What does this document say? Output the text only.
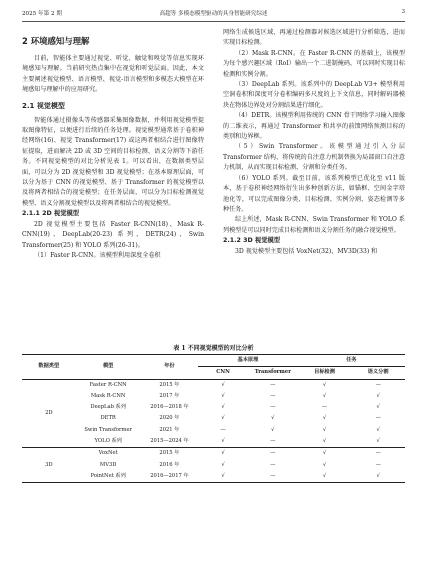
2025 年第 2 期	高超等 多模态模型驱动的具身智能研究综述	3
2 环境感知与理解

目前，智能体主要通过视觉、听觉、触觉和嗅觉等信息实现环境感知与理解。当前研究热点集中在视觉和听觉层面。因此，本文主要阐述视觉模型、语言模型、视觉-语言模型和多模态大模型在环境感知与理解中的应用研究。

2.1 视觉模型

智能体通过摄像头等传感器采集图像数据，并利用视觉模型提取图像特征，以便进行后续的任务处理。视觉模型通常基于卷积神经网络(16)、视觉 Transformer(17) 或这两者相结合进行图像特征提取，进而解决 2D 或 3D 空间的目标检测、语义分割等下游任务。不同视觉模型的对比分析见表 1。可以看出，在数据类型层面，可以分为 2D 视觉模型和 3D 视觉模型；在基本原理层面，可以分为基于 CNN 的视觉模型、基于 Transformer 的视觉模型以及将两者相结合的视觉模型；在任务层面，可以分为目标检测视觉模型、语义分割视觉模型以及将两者相结合的视觉模型。

2.1.1 2D 视觉模型

2D 视觉模型主要包括 Faster R-CNN(18)、Mask R-CNN(19)、DeepLab(20-23) 系列、DETR(24)、Swin Transformer(25) 和 YOLO 系列(26-31)。

（1）Faster R-CNN。该模型利用深度全卷积

网络生成候选区域，再通过检测器对候选区域进行分析筛选，进而实现目标检测。

（2）Mask R-CNN。在 Faster R-CNN 的基础上，该模型为每个感兴趣区域（RoI）输出一个二进制掩码，可以同时实现目标检测和实例分割。

（3）DeepLab 系列。该系列中的 DeepLab V3+ 模型利用空洞卷积和深度可分卷积编码多尺度的上下文信息，同时解码器模块在物体边界处对分割结果进行细化。

（4）DETR。该模型利用传统的 CNN 骨干网络学习输入图像的二维表示，再通过 Transformer 和共享的前馈网络预测目标的类别和边界框。

（5）Swin Transformer。该模型通过引入分层 Transformer 结构，将传统的自注意力机制替换为局部窗口自注意力机制，从而实现目标检测、分割和分类任务。

（6）YOLO 系列。截至目前，该系列模型已优化至 v11 版本，基于卷积神经网络衍生出多种创新方法，如锚框、空间金字塔池化等，可以完成图像分类、目标检测、实例分割、姿态检测等多种任务。

综上所述，Mask R-CNN、Swin Transformer 和 YOLO 系列模型是可以同时完成目标检测和语义分割任务的融合视觉模型。

2.1.2 3D 视觉模型

3D 视觉模型主要包括 VoxNet(32)、MV3D(33) 和

表 1 不同视觉模型的对比分析
数据类型	模型	年份	基本原理		任务	
			CNN	Transformer	目标检测	语义分割
2D	Faster R-CNN	2015 年	√	—	√	—
	Mask R-CNN	2017 年	√	—	√	√
	DeepLab 系列	2016—2018 年	√	—	—	√
	DETR	2020 年	√	√	√	—
	Swin Transformer	2021 年	—	√	√	√
	YOLO 系列	2015—2024 年	√	—	√	√
3D	VoxNet	2015 年	√	—	√	—
	MV3D	2016 年	√	—	√	—
	PointNet 系列	2016—2017 年	√	—	√	√
